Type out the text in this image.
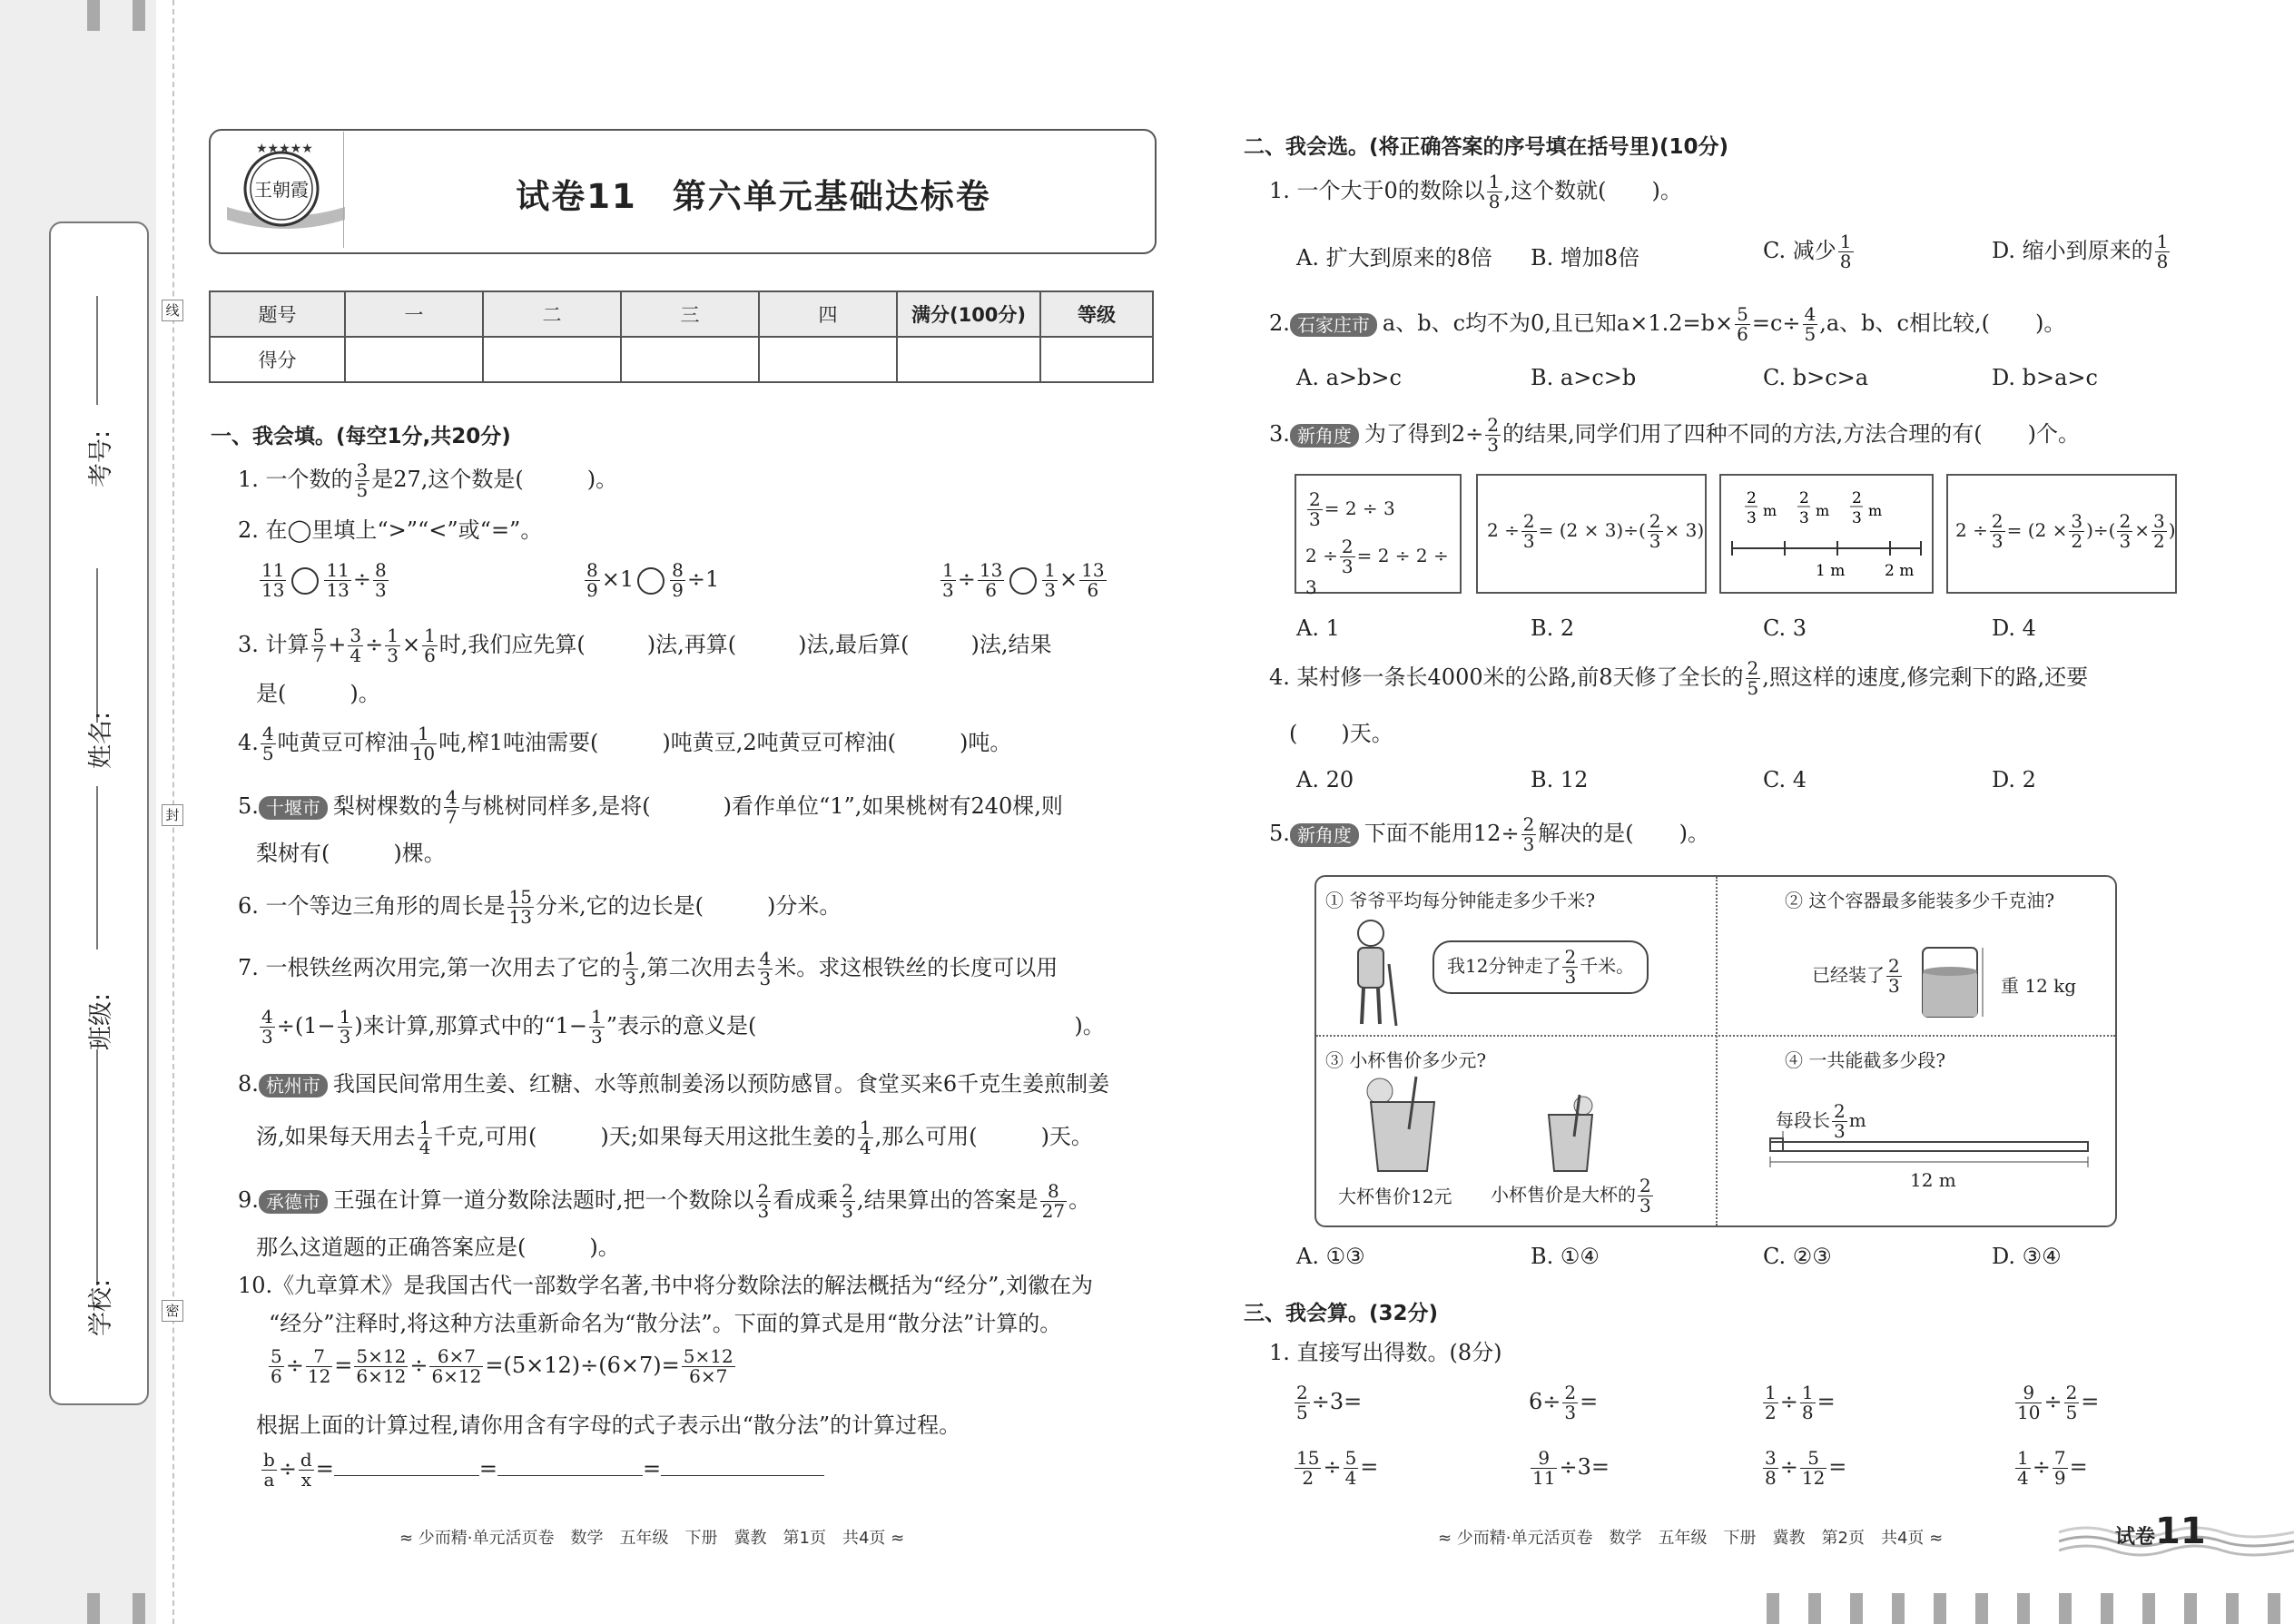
考号:
姓名:
班级:
学校:
线
封
密
★★★★★
王朝霞	试卷11　第六单元基础达标卷
题号	一	二	三	四	满分(100分)	等级
得分						
一、我会填。(每空1分,共20分)
1. 一个数的 $\frac{3}{5}$ 是27,这个数是(	)。
2. 在◯里填上“>”“<”或“=”。
$\frac{11}{13} \frac{11}{13} \div \frac{8}{3}$	$\frac{8}{9} \times 1 \frac{8}{9} \div 1$	$\frac{1}{3} \div \frac{13}{6} \frac{1}{3} \times \frac{13}{6}$
3. 计算 $\frac{5}{7} + \frac{3}{4} \div \frac{1}{3} \times \frac{1}{6}$ 时,我们应先算(	)法,再算(	)法,最后算(	)法,结果
是(	)。
4. $\frac{4}{5}$ 吨黄豆可榨油 $\frac{1}{10}$ 吨,榨1吨油需要(	)吨黄豆,2吨黄豆可榨油(	)吨。
5. 十堰市 梨树棵数的 $\frac{4}{7}$ 与桃树同样多,是将(	)看作单位“1”,如果桃树有240棵,则
梨树有(	)棵。
6. 一个等边三角形的周长是 $\frac{15}{13}$ 分米,它的边长是(	)分米。
7. 一根铁丝两次用完,第一次用去了它的 $\frac{1}{3}$ ,第二次用去 $\frac{4}{3}$ 米。求这根铁丝的长度可以用
$\frac{4}{3} \div(1- \frac{1}{3}$ )来计算,那算式中的“$1- \frac{1}{3}$ ”表示的意义是(	)。
8. 杭州市 我国民间常用生姜、红糖、水等煎制姜汤以预防感冒。食堂买来6千克生姜煎制姜
汤,如果每天用去 $\frac{1}{4}$ 千克,可用(	)天;如果每天用这批生姜的 $\frac{1}{4}$ ,那么可用(	)天。
9. 承德市 王强在计算一道分数除法题时,把一个数除以 $\frac{2}{3}$ 看成乘 $\frac{2}{3}$ ,结果算出的答案是 $\frac{8}{27}$ 。
那么这道题的正确答案应是(	)。
10.《九章算术》是我国古代一部数学名著,书中将分数除法的解法概括为“经分”,刘徽在为
“经分”注释时,将这种方法重新命名为“散分法”。下面的算式是用“散分法”计算的。
$\frac{5}{6} \div \frac{7}{12} = \frac{5\times 12}{6\times 12} \div \frac{6\times 7}{6\times 12} =(5\times 12)\div(6\times 7)= \frac{5\times 12}{6\times 7}$
根据上面的计算过程,请你用含有字母的式子表示出“散分法”的计算过程。
$\frac{b}{a} \div \frac{d}{x}$ =	=	=
≈ 少而精·单元活页卷　数学　五年级　下册　冀教　第1页　共4页 ≈
二、我会选。(将正确答案的序号填在括号里)(10分)
1. 一个大于0的数除以 $\frac{1}{8}$ ,这个数就( )。
A. 扩大到原来的8倍 B. 增加8倍	C. 减少 $\frac{1}{8}$	D. 缩小到原来的 $\frac{1}{8}$
2. 石家庄市 a、b、c均不为0,且已知$a\times 1.2=b\times \frac{5}{6} =c\div \frac{4}{5} ,a$、b、c相比较,( )。
A. a>b>c	B. a>c>b	C. b>c>a	D. b>a>c
3. 新角度 为了得到$2\div \frac{2}{3}$ 的结果,同学们用了四种不同的方法,方法合理的有( )个。
$\frac{2}{3} = 2 \div 3$
$2 \div \frac{2}{3} = 2 \div 2 \div 3$
$2 \div \frac{2}{3} = (2 \times 3)\div( \frac{2}{3} \times 3)$
2
3 m
2
3 m
2
3 m
1 m	2 m
$2 \div \frac{2}{3} = (2 \times \frac{3}{2}$ )÷( $\frac{2}{3} \times \frac{3}{2}$ )
A. 1	B. 2	C. 3	D. 4
4. 某村修一条长4000米的公路,前8天修了全长的 $\frac{2}{5}$ ,照这样的速度,修完剩下的路,还要
(　　)天。
A. 20	B. 12	C. 4	D. 2
5. 新角度 下面不能用$12\div \frac{2}{3}$ 解决的是( )。
① 爷爷平均每分钟能走多少千米?
我12分钟走了 $\frac{2}{3}$ 千米。
② 这个容器最多能装多少千克油?
已经装了 $\frac{2}{3}$	重 12 kg
③ 小杯售价多少元?
大杯售价12元 小杯售价是大杯的 $\frac{2}{3}$
④ 一共能截多少段?
每段长 $\frac{2}{3}$ m
12 m
A. ①③	B. ①④	C. ②③	D. ③④
三、我会算。(32分)
1. 直接写出得数。(8分)
$\frac{2}{5} \div 3=$	$6\div \frac{2}{3}$ =	$\frac{1}{2} \div \frac{1}{8}$ =	$\frac{9}{10} \div \frac{2}{5}$ =
$\frac{15}{2} \div \frac{5}{4}$ =	$\frac{9}{11} \div 3=$	$\frac{3}{8} \div \frac{5}{12}$ =	$\frac{1}{4} \div \frac{7}{9}$ =
≈ 少而精·单元活页卷　数学　五年级　下册　冀教　第2页　共4页 ≈	试卷11
